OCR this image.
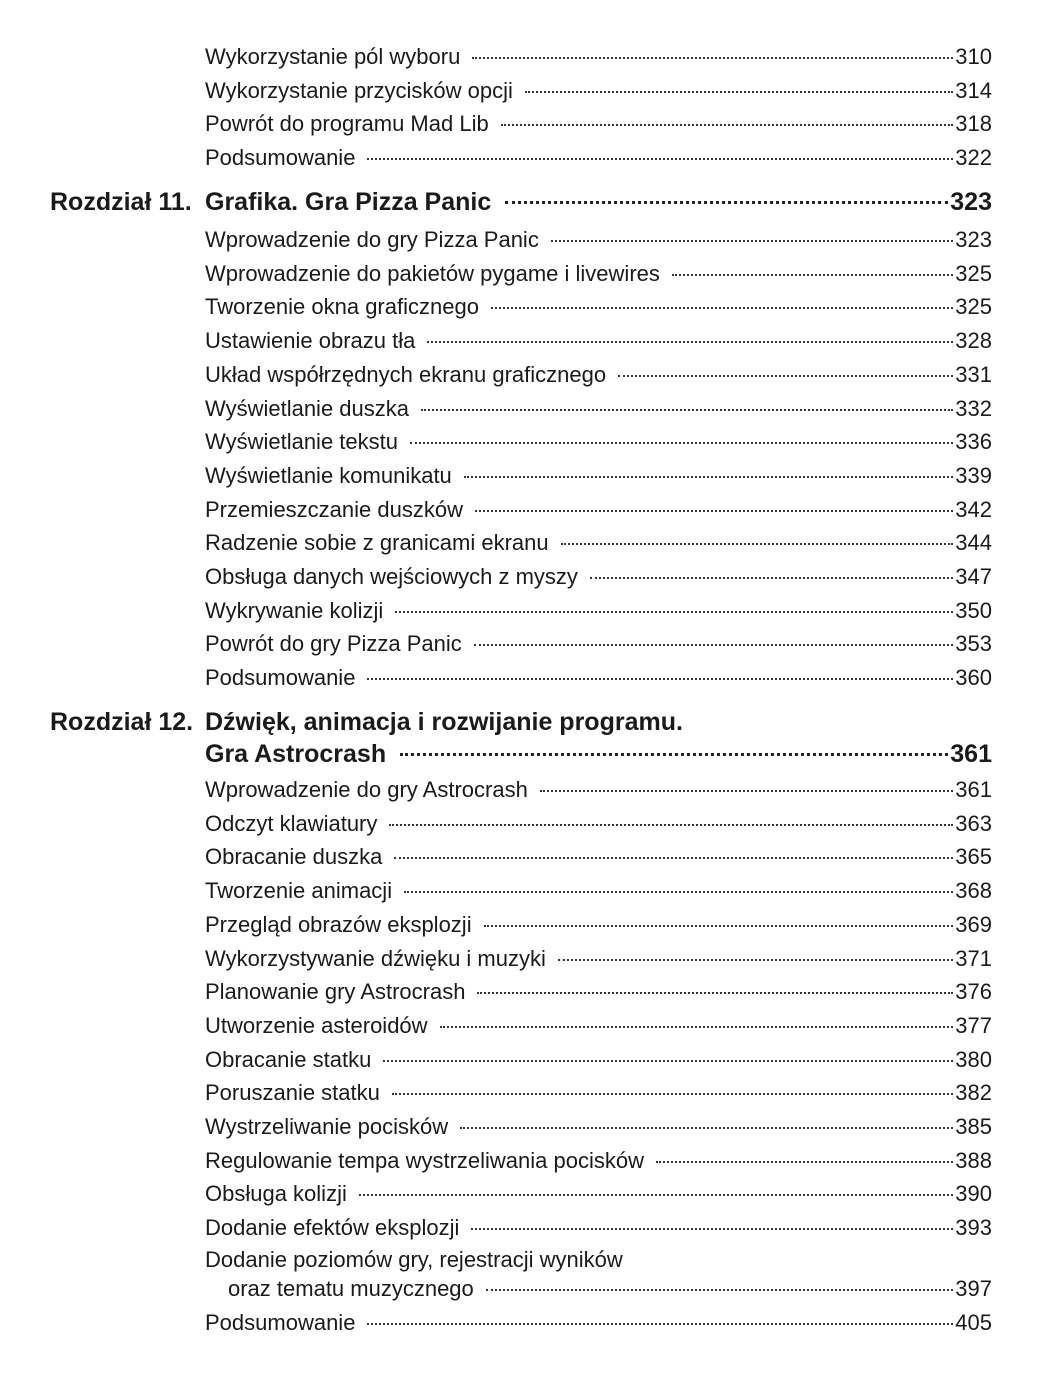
Wykorzystanie pól wyboru	310
Wykorzystanie przycisków opcji	314
Powrót do programu Mad Lib	318
Podsumowanie	322
Rozdział 11. Grafika. Gra Pizza Panic	323
Wprowadzenie do gry Pizza Panic	323
Wprowadzenie do pakietów pygame i livewires	325
Tworzenie okna graficznego	325
Ustawienie obrazu tła	328
Układ współrzędnych ekranu graficznego	331
Wyświetlanie duszka	332
Wyświetlanie tekstu	336
Wyświetlanie komunikatu	339
Przemieszczanie duszków	342
Radzenie sobie z granicami ekranu	344
Obsługa danych wejściowych z myszy	347
Wykrywanie kolizji	350
Powrót do gry Pizza Panic	353
Podsumowanie	360
Rozdział 12. Dźwięk, animacja i rozwijanie programu.
Gra Astrocrash	361
Wprowadzenie do gry Astrocrash	361
Odczyt klawiatury	363
Obracanie duszka	365
Tworzenie animacji	368
Przegląd obrazów eksplozji	369
Wykorzystywanie dźwięku i muzyki	371
Planowanie gry Astrocrash	376
Utworzenie asteroidów	377
Obracanie statku	380
Poruszanie statku	382
Wystrzeliwanie pocisków	385
Regulowanie tempa wystrzeliwania pocisków	388
Obsługa kolizji	390
Dodanie efektów eksplozji	393
Dodanie poziomów gry, rejestracji wyników
oraz tematu muzycznego	397
Podsumowanie	405
